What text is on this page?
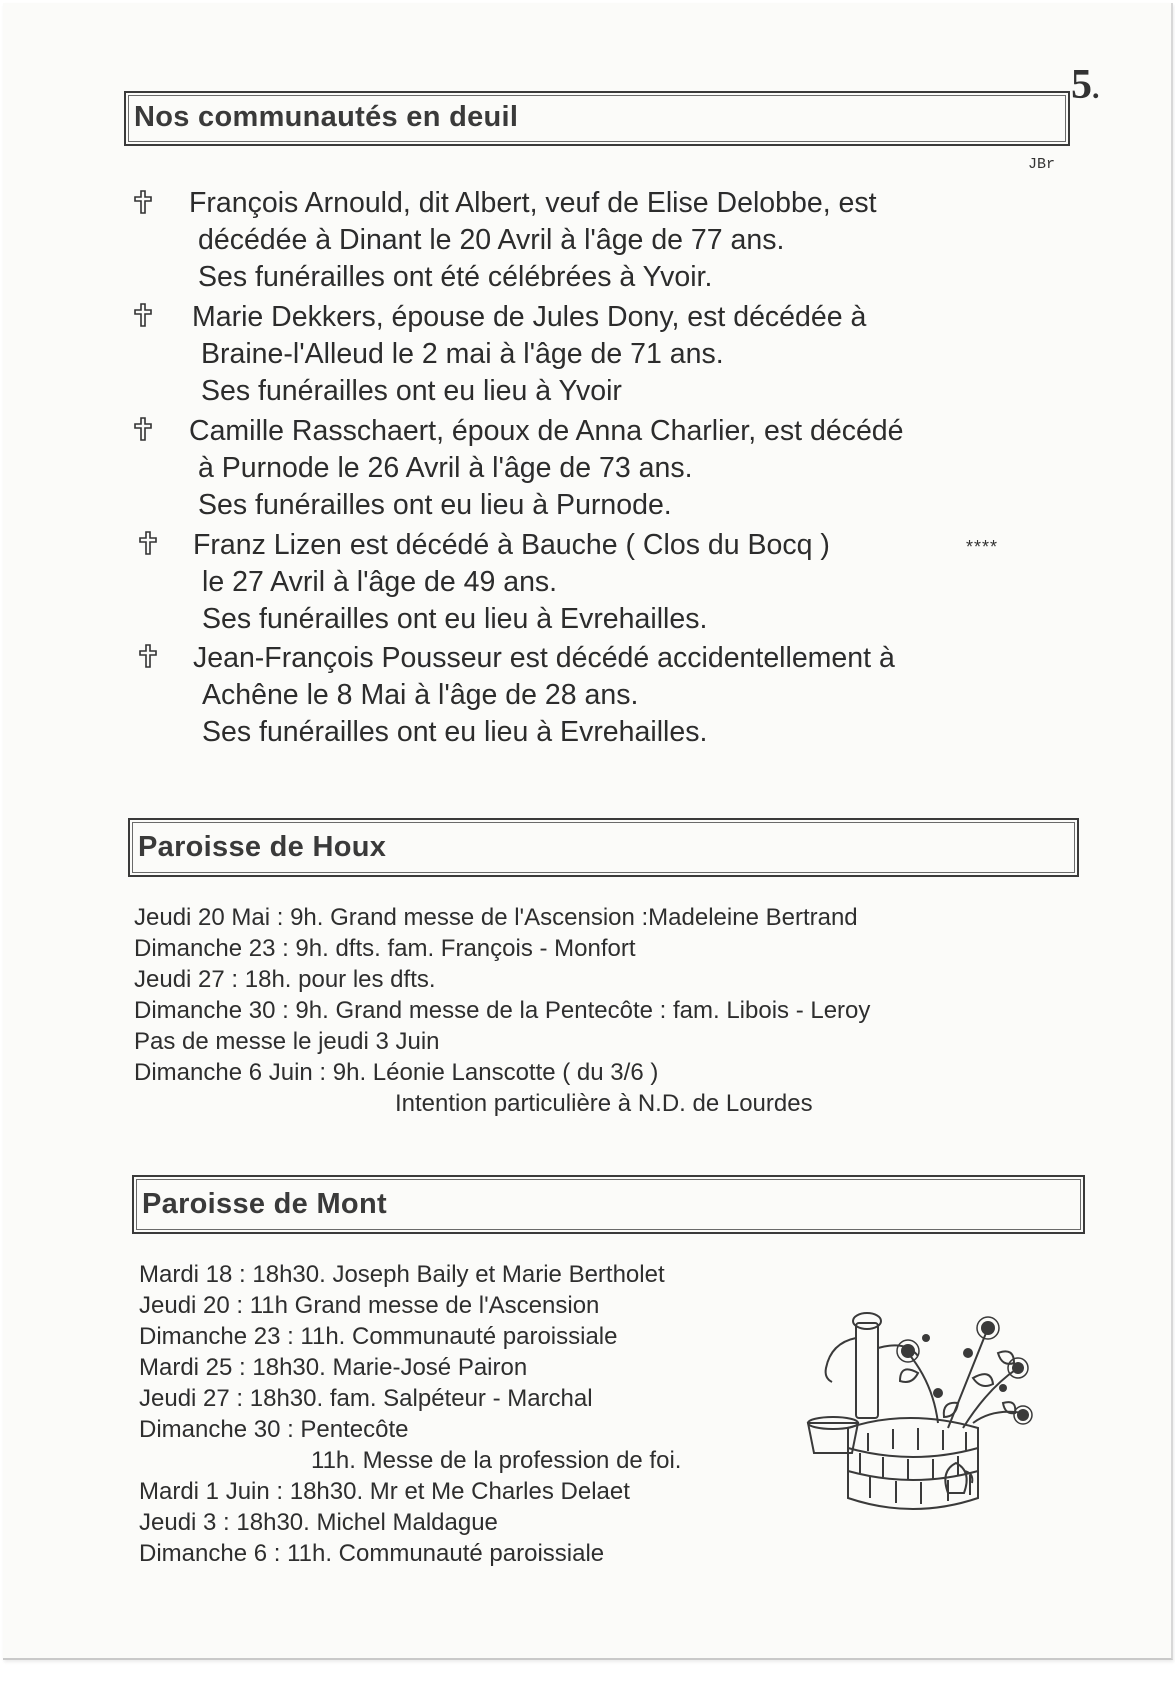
5.
Nos communautés en deuil
JBr
François Arnould, dit Albert, veuf de Elise Delobbe, est
décédée à Dinant le 20 Avril à l'âge de 77 ans.
Ses funérailles ont été célébrées à Yvoir.
Marie Dekkers, épouse de Jules Dony, est décédée à
Braine-l'Alleud le 2 mai à l'âge de 71 ans.
Ses funérailles ont eu lieu à Yvoir
Camille Rasschaert, époux de Anna Charlier, est décédé
à Purnode le 26 Avril à l'âge de 73 ans.
Ses funérailles ont eu lieu à Purnode.
Franz Lizen est décédé à Bauche ( Clos du Bocq )
le 27 Avril à l'âge de 49 ans.
Ses funérailles ont eu lieu à Evrehailles.
****
Jean-François Pousseur est décédé accidentellement à
Achêne le 8 Mai à l'âge de 28 ans.
Ses funérailles ont eu lieu à Evrehailles.
Paroisse de Houx
Jeudi 20 Mai : 9h. Grand messe de l'Ascension :Madeleine Bertrand
Dimanche 23 : 9h. dfts. fam. François - Monfort
Jeudi 27 : 18h. pour les dfts.
Dimanche 30 : 9h. Grand messe de la Pentecôte : fam. Libois - Leroy
Pas de messe le jeudi 3 Juin
Dimanche 6 Juin : 9h. Léonie Lanscotte ( du 3/6 )
Intention particulière à N.D. de Lourdes
Paroisse de Mont
Mardi 18 : 18h30. Joseph Baily et Marie Bertholet
Jeudi 20 : 11h Grand messe de l'Ascension
Dimanche 23 : 11h. Communauté paroissiale
Mardi 25 : 18h30. Marie-José Pairon
Jeudi 27 : 18h30. fam. Salpéteur - Marchal
Dimanche 30 : Pentecôte
11h. Messe de la profession de foi.
Mardi 1 Juin : 18h30. Mr et Me Charles Delaet
Jeudi 3 : 18h30. Michel Maldague
Dimanche 6 : 11h. Communauté paroissiale
